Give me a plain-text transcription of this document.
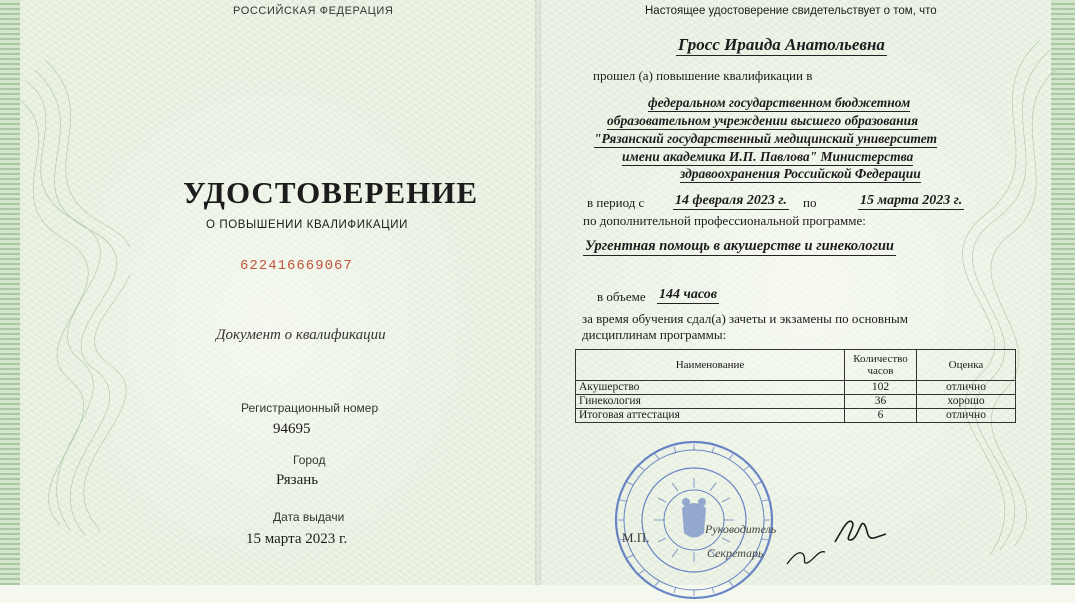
РОССИЙСКАЯ ФЕДЕРАЦИЯ
УДОСТОВЕРЕНИЕ
О ПОВЫШЕНИИ КВАЛИФИКАЦИИ
622416669067
Документ о квалификации
Регистрационный номер
94695
Город
Рязань
Дата выдачи
15 марта 2023 г.
Настоящее удостоверение свидетельствует о том, что
Гросс Ираида Анатольевна
прошел (а) повышение квалификации в
федеральном государственном бюджетном
образовательном учреждении высшего образования
"Рязанский государственный медицинский университет
имени академика И.П. Павлова" Министерства
здравоохранения Российской Федерации
в период с 14 февраля 2023 г. по	15 марта 2023 г.
по дополнительной профессиональной программе:
Ургентная помощь в акушерстве и гинекологии
в объеме 144 часов
за время обучения сдал(а) зачеты и экзамены по основным
дисциплинам программы:
Наименование	Количество часов	Оценка
Акушерство	102	отлично
Гинекология	36	хорошо
Итоговая аттестация	6	отлично
М.П.
Руководитель
Секретарь
